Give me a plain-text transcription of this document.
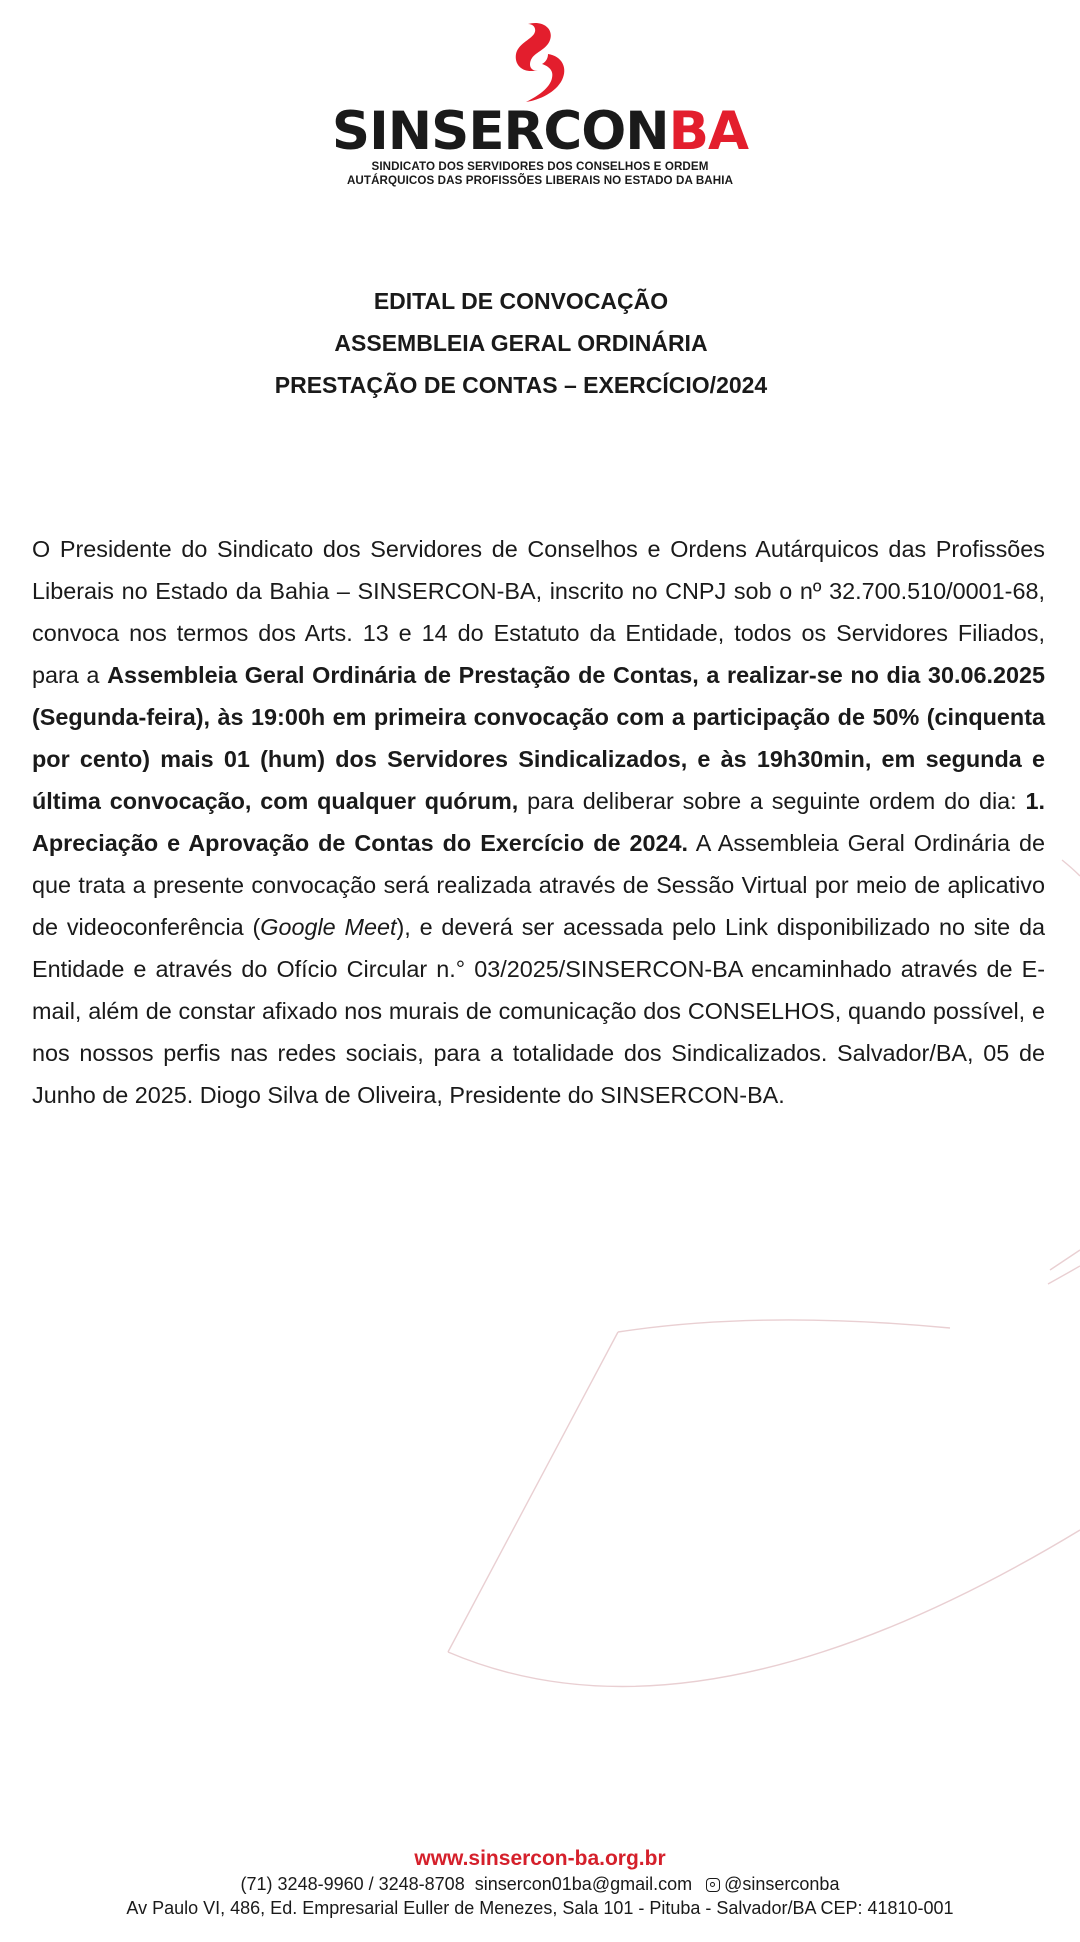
SINSERCONBA
SINDICATO DOS SERVIDORES DOS CONSELHOS E ORDEM
AUTÁRQUICOS DAS PROFISSÕES LIBERAIS NO ESTADO DA BAHIA
EDITAL DE CONVOCAÇÃO
ASSEMBLEIA GERAL ORDINÁRIA
PRESTAÇÃO DE CONTAS – EXERCÍCIO/2024
O Presidente do Sindicato dos Servidores de Conselhos e Ordens Autárquicos das Profissões Liberais no Estado da Bahia – SINSERCON-BA, inscrito no CNPJ sob o nº 32.700.510/0001-68, convoca nos termos dos Arts. 13 e 14 do Estatuto da Entidade, todos os Servidores Filiados, para a Assembleia Geral Ordinária de Prestação de Contas, a realizar-se no dia 30.06.2025 (Segunda-feira), às 19:00h em primeira convocação com a participação de 50% (cinquenta por cento) mais 01 (hum) dos Servidores Sindicalizados, e às 19h30min, em segunda e última convocação, com qualquer quórum, para deliberar sobre a seguinte ordem do dia: 1. Apreciação e Aprovação de Contas do Exercício de 2024. A Assembleia Geral Ordinária de que trata a presente convocação será realizada através de Sessão Virtual por meio de aplicativo de videoconferência (Google Meet), e deverá ser acessada pelo Link disponibilizado no site da Entidade e através do Ofício Circular n.° 03/2025/SINSERCON-BA encaminhado através de E-mail, além de constar afixado nos murais de comunicação dos CONSELHOS, quando possível, e nos nossos perfis nas redes sociais, para a totalidade dos Sindicalizados. Salvador/BA, 05 de Junho de 2025. Diogo Silva de Oliveira, Presidente do SINSERCON-BA.
www.sinsercon-ba.org.br
(71) 3248-9960 / 3248-8708 sinsercon01ba@gmail.com @sinserconba
Av Paulo VI, 486, Ed. Empresarial Euller de Menezes, Sala 101 - Pituba - Salvador/BA CEP: 41810-001
